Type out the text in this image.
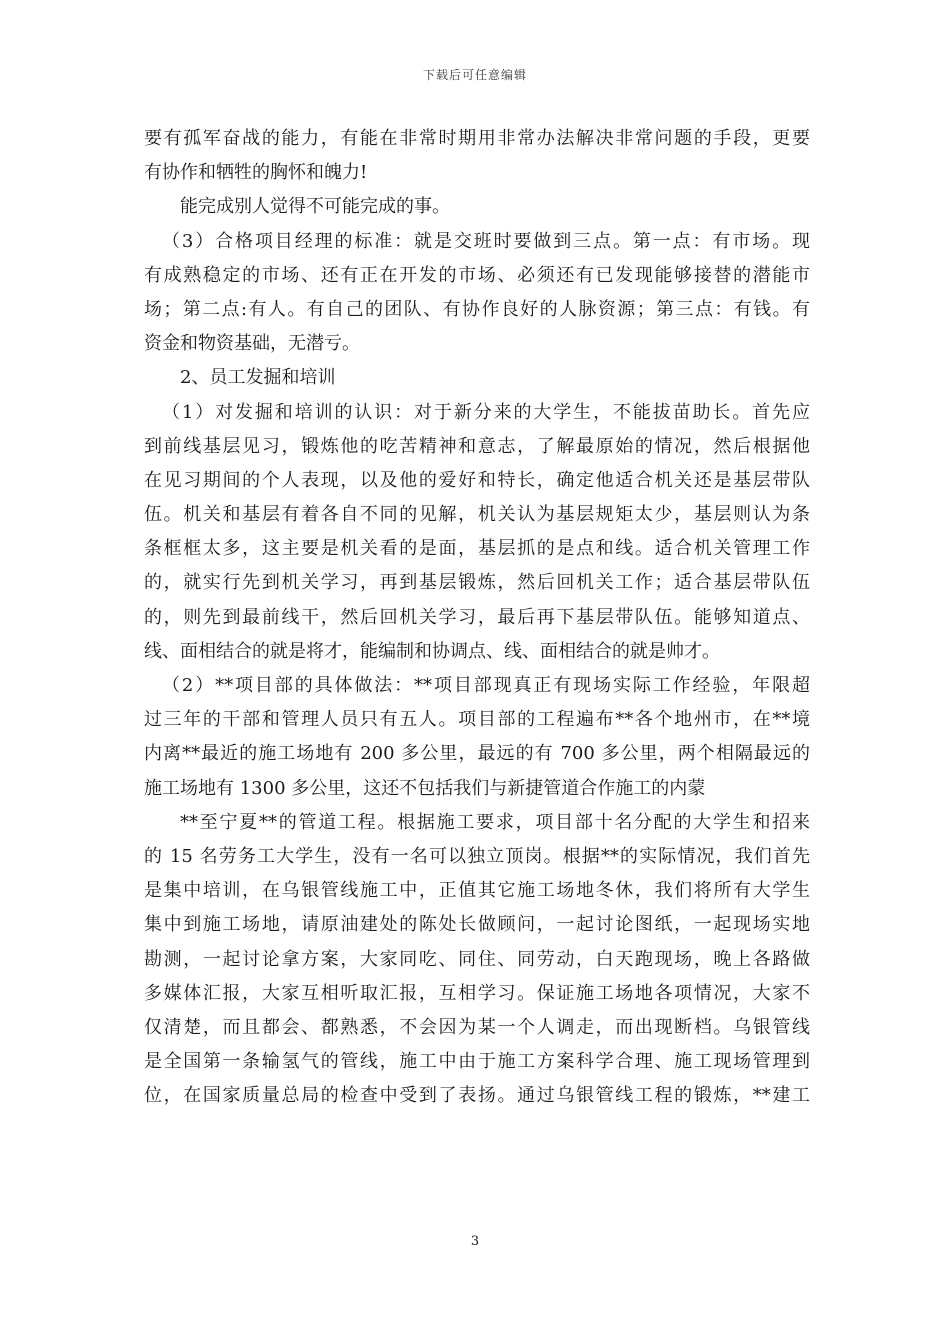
下载后可任意编辑
要有孤军奋战的能力，有能在非常时期用非常办法解决非常问题的手段，更要
有协作和牺牲的胸怀和魄力!
能完成别人觉得不可能完成的事。
（3）合格项目经理的标准：就是交班时要做到三点。第一点：有市场。现
有成熟稳定的市场、还有正在开发的市场、必须还有已发现能够接替的潜能市
场；第二点:有人。有自己的团队、有协作良好的人脉资源；第三点：有钱。有
资金和物资基础，无潜亏。
2、员工发掘和培训
（1）对发掘和培训的认识：对于新分来的大学生，不能拔苗助长。首先应
到前线基层见习，锻炼他的吃苦精神和意志，了解最原始的情况，然后根据他
在见习期间的个人表现，以及他的爱好和特长，确定他适合机关还是基层带队
伍。机关和基层有着各自不同的见解，机关认为基层规矩太少，基层则认为条
条框框太多，这主要是机关看的是面，基层抓的是点和线。适合机关管理工作
的，就实行先到机关学习，再到基层锻炼，然后回机关工作；适合基层带队伍
的，则先到最前线干，然后回机关学习，最后再下基层带队伍。能够知道点、
线、面相结合的就是将才，能编制和协调点、线、面相结合的就是帅才。
（2）**项目部的具体做法：**项目部现真正有现场实际工作经验，年限超
过三年的干部和管理人员只有五人。项目部的工程遍布**各个地州市，在**境
内离**最近的施工场地有 200 多公里，最远的有 700 多公里，两个相隔最远的
施工场地有 1300 多公里，这还不包括我们与新捷管道合作施工的内蒙
**至宁夏**的管道工程。根据施工要求，项目部十名分配的大学生和招来
的 15 名劳务工大学生，没有一名可以独立顶岗。根据**的实际情况，我们首先
是集中培训，在乌银管线施工中，正值其它施工场地冬休，我们将所有大学生
集中到施工场地，请原油建处的陈处长做顾问，一起讨论图纸，一起现场实地
勘测，一起讨论拿方案，大家同吃、同住、同劳动，白天跑现场，晚上各路做
多媒体汇报，大家互相听取汇报，互相学习。保证施工场地各项情况，大家不
仅清楚，而且都会、都熟悉，不会因为某一个人调走，而出现断档。乌银管线
是全国第一条输氢气的管线，施工中由于施工方案科学合理、施工现场管理到
位，在国家质量总局的检查中受到了表扬。通过乌银管线工程的锻炼，**建工
3
